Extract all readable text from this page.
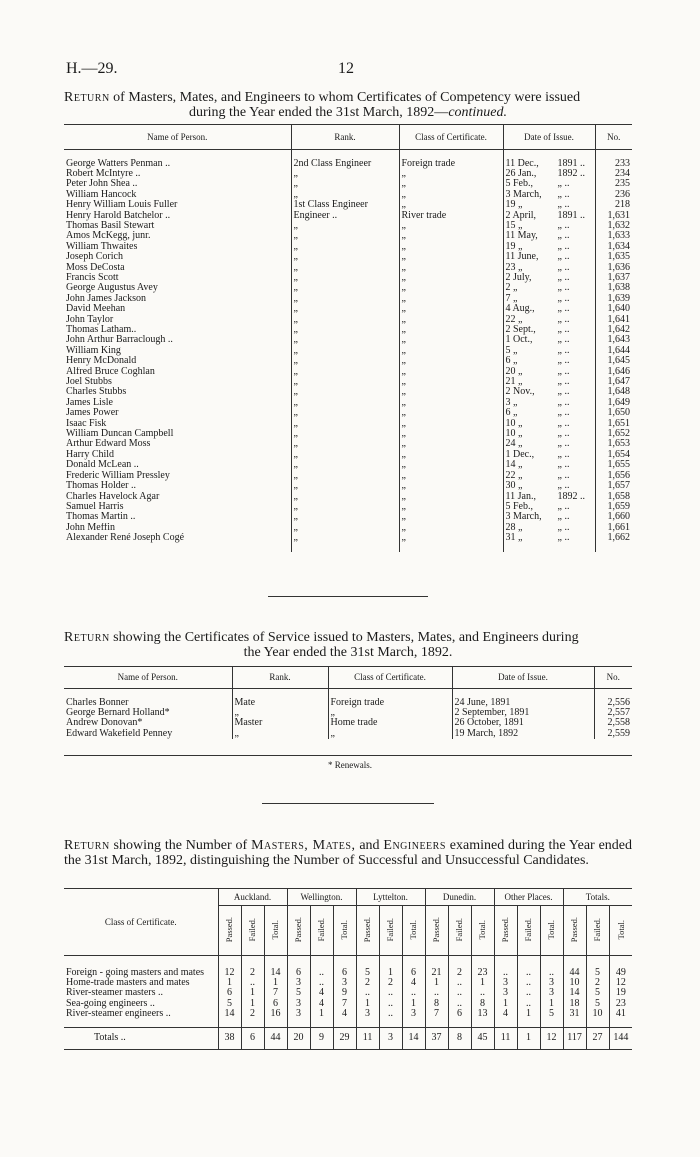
H.—29.	12
Return of Masters, Mates, and Engineers to whom Certificates of Competency were issued
during the Year ended the 31st March, 1892—continued.
Name of Person.	Rank.	Class of Certificate.	Date of Issue.	No.

George Watters Penman ..	2nd Class Engineer	Foreign trade	11 Dec., 1891 ..	233
Robert McIntyre ..	„	„	26 Jan., 1892 ..	234
Peter John Shea ..	„	„	5 Feb., „ ..	235
William Hancock	„	„	3 March, „ ..	236
Henry William Louis Fuller	1st Class Engineer	„	19 „ „ ..	218
Henry Harold Batchelor ..	Engineer ..	River trade	2 April, 1891 ..	1,631
Thomas Basil Stewart	„	„	15 „ „ ..	1,632
Amos McKegg, junr.	„	„	11 May, „ ..	1,633
William Thwaites	„	„	19 „ „ ..	1,634
Joseph Corich	„	„	11 June, „ ..	1,635
Moss DeCosta	„	„	23 „ „ ..	1,636
Francis Scott	„	„	2 July, „ ..	1,637
George Augustus Avey	„	„	2 „ „ ..	1,638
John James Jackson	„	„	7 „ „ ..	1,639
David Meehan	„	„	4 Aug., „ ..	1,640
John Taylor	„	„	22 „ „ ..	1,641
Thomas Latham..	„	„	2 Sept., „ ..	1,642
John Arthur Barraclough ..	„	„	1 Oct., „ ..	1,643
William King	„	„	5 „ „ ..	1,644
Henry McDonald	„	„	6 „ „ ..	1,645
Alfred Bruce Coghlan	„	„	20 „ „ ..	1,646
Joel Stubbs	„	„	21 „ „ ..	1,647
Charles Stubbs	„	„	2 Nov., „ ..	1,648
James Lisle	„	„	3 „ „ ..	1,649
James Power	„	„	6 „ „ ..	1,650
Isaac Fisk	„	„	10 „ „ ..	1,651
William Duncan Campbell	„	„	10 „ „ ..	1,652
Arthur Edward Moss	„	„	24 „ „ ..	1,653
Harry Child	„	„	1 Dec., „ ..	1,654
Donald McLean ..	„	„	14 „ „ ..	1,655
Frederic William Pressley	„	„	22 „ „ ..	1,656
Thomas Holder ..	„	„	30 „ „ ..	1,657
Charles Havelock Agar	„	„	11 Jan., 1892 ..	1,658
Samuel Harris	„	„	5 Feb., „ ..	1,659
Thomas Martin ..	„	„	3 March, „ ..	1,660
John Meffin	„	„	28 „ „ ..	1,661
Alexander René Joseph Cogé	„	„	31 „ „ ..	1,662

Return showing the Certificates of Service issued to Masters, Mates, and Engineers during
the Year ended the 31st March, 1892.
Name of Person.	Rank.	Class of Certificate.	Date of Issue.	No.

Charles Bonner	Mate	Foreign trade	24 June, 1891	2,556
George Bernard Holland*	„	„	2 September, 1891	2,557
Andrew Donovan*	Master	Home trade	26 October, 1891	2,558
Edward Wakefield Penney	„	„	19 March, 1892	2,559
* Renewals.
Return showing the Number of Masters, Mates, and Engineers examined during the Year ended the 31st March, 1892, distinguishing the Number of Successful and Unsuccessful Candidates.
Class of Certificate.	Auckland.			Wellington.			Lyttelton.			Dunedin.			Other Places.			Totals.		
	Passed.	Failed.	Total.	Passed.	Failed.	Total.	Passed.	Failed.	Total.	Passed.	Failed.	Total.	Passed.	Failed.	Total.	Passed.	Failed.	Total.

Foreign - going masters and mates	12	2	14	6	..	6	5	1	6	21	2	23	..	..	..	44	5	49
Home-trade masters and mates	1	..	1	3	..	3	2	2	4	1	..	1	3	..	3	10	2	12
River-steamer masters ..	6	1	7	5	4	9	..	..	..	..	..	..	3	..	3	14	5	19
Sea-going engineers ..	5	1	6	3	4	7	1	..	1	8	..	8	1	..	1	18	5	23
River-steamer engineers ..	14	2	16	3	1	4	3	..	3	7	6	13	4	1	5	31	10	41

Totals ..	38	6	44	20	9	29	11	3	14	37	8	45	11	1	12	117	27	144
